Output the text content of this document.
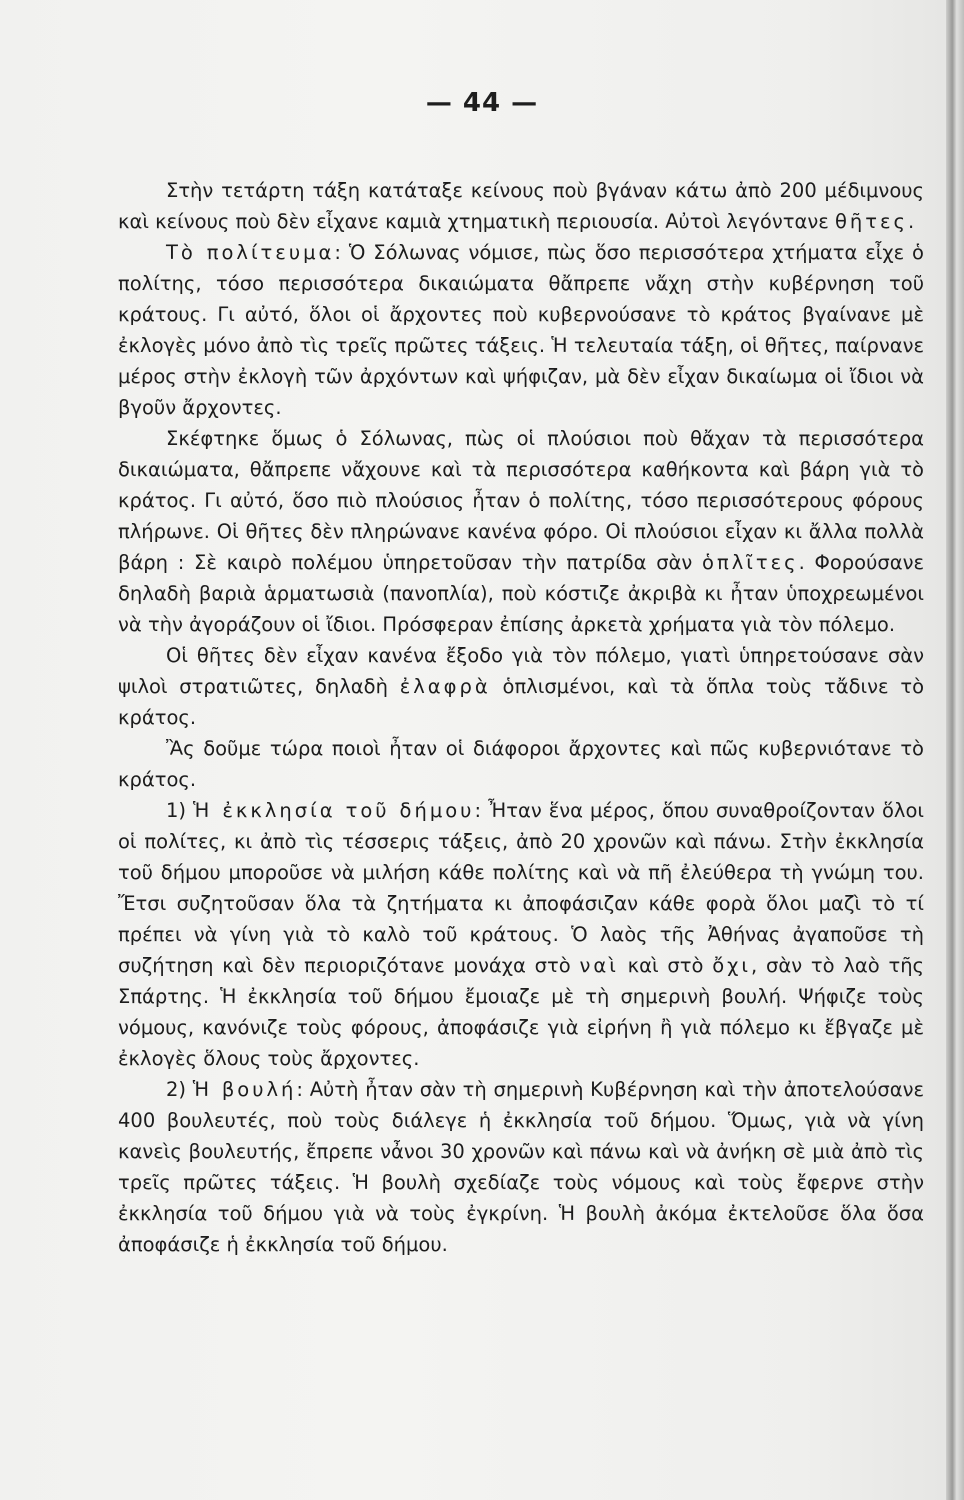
— 44 —

Στὴν τετάρτη τάξη κατάταξε κείνους ποὺ βγάναν κάτω ἀπὸ 200 μέδιμνους καὶ κείνους ποὺ δὲν εἶχανε καμιὰ χτηματικὴ περιουσία. Αὐτοὶ λεγόντανε θῆτες.

Τὸ πολίτευμα: Ὁ Σόλωνας νόμισε, πὼς ὅσο περισσότερα χτήματα εἶχε ὁ πολίτης, τόσο περισσότερα δικαιώματα θἄπρεπε νἄχη στὴν κυβέρνηση τοῦ κράτους. Γι αὐτό, ὅλοι οἱ ἄρχοντες ποὺ κυβερνούσανε τὸ κράτος βγαίνανε μὲ ἐκλογὲς μόνο ἀπὸ τὶς τρεῖς πρῶτες τάξεις. Ἡ τελευταία τάξη, οἱ θῆτες, παίρνανε μέρος στὴν ἐκλογὴ τῶν ἀρχόντων καὶ ψήφιζαν, μὰ δὲν εἶχαν δικαίωμα οἱ ἴδιοι νὰ βγοῦν ἄρχοντες.

Σκέφτηκε ὅμως ὁ Σόλωνας, πὼς οἱ πλούσιοι ποὺ θἄχαν τὰ περισσότερα δικαιώματα, θἄπρεπε νἄχουνε καὶ τὰ περισσότερα καθήκοντα καὶ βάρη γιὰ τὸ κράτος. Γι αὐτό, ὅσο πιὸ πλούσιος ἦταν ὁ πολίτης, τόσο περισσότερους φόρους πλήρωνε. Οἱ θῆτες δὲν πληρώνανε κανένα φόρο. Οἱ πλούσιοι εἶχαν κι ἄλλα πολλὰ βάρη : Σὲ καιρὸ πολέμου ὑπηρετοῦσαν τὴν πατρίδα σὰν ὁπλῖτες. Φορούσανε δηλαδὴ βαριὰ ἁρματωσιὰ (πανοπλία), ποὺ κόστιζε ἀκριβὰ κι ἦταν ὑποχρεωμένοι νὰ τὴν ἀγοράζουν οἱ ἴδιοι. Πρόσφεραν ἐπίσης ἀρκετὰ χρήματα γιὰ τὸν πόλεμο.

Οἱ θῆτες δὲν εἶχαν κανένα ἔξοδο γιὰ τὸν πόλεμο, γιατὶ ὑπηρετούσανε σὰν ψιλοὶ στρατιῶτες, δηλαδὴ ἐλαφρὰ ὁπλισμένοι, καὶ τὰ ὅπλα τοὺς τἄδινε τὸ κράτος.

Ἂς δοῦμε τώρα ποιοὶ ἦταν οἱ διάφοροι ἄρχοντες καὶ πῶς κυβερνιότανε τὸ κράτος.

1) Ἡ ἐκκλησία τοῦ δήμου: Ἦταν ἕνα μέρος, ὅπου συναθροίζονταν ὅλοι οἱ πολίτες, κι ἀπὸ τὶς τέσσερις τάξεις, ἀπὸ 20 χρονῶν καὶ πάνω. Στὴν ἐκκλησία τοῦ δήμου μποροῦσε νὰ μιλήση κάθε πολίτης καὶ νὰ πῆ ἐλεύθερα τὴ γνώμη του. Ἔτσι συζητοῦσαν ὅλα τὰ ζητήματα κι ἀποφάσιζαν κάθε φορὰ ὅλοι μαζὶ τὸ τί πρέπει νὰ γίνη γιὰ τὸ καλὸ τοῦ κράτους. Ὁ λαὸς τῆς Ἀθήνας ἀγαποῦσε τὴ συζήτηση καὶ δὲν περιοριζότανε μονάχα στὸ ναὶ καὶ στὸ ὄχι, σὰν τὸ λαὸ τῆς Σπάρτης. Ἡ ἐκκλησία τοῦ δήμου ἔμοιαζε μὲ τὴ σημερινὴ βουλή. Ψήφιζε τοὺς νόμους, κανόνιζε τοὺς φόρους, ἀποφάσιζε γιὰ εἰρήνη ἢ γιὰ πόλεμο κι ἔβγαζε μὲ ἐκλογὲς ὅλους τοὺς ἄρχοντες.

2) Ἡ βουλή: Αὐτὴ ἦταν σὰν τὴ σημερινὴ Κυβέρνηση καὶ τὴν ἀποτελούσανε 400 βουλευτές, ποὺ τοὺς διάλεγε ἡ ἐκκλησία τοῦ δήμου. Ὅμως, γιὰ νὰ γίνη κανεὶς βουλευτής, ἔπρεπε νἆνοι 30 χρονῶν καὶ πάνω καὶ νὰ ἀνήκη σὲ μιὰ ἀπὸ τὶς τρεῖς πρῶτες τάξεις. Ἡ βουλὴ σχεδίαζε τοὺς νόμους καὶ τοὺς ἔφερνε στὴν ἐκκλησία τοῦ δήμου γιὰ νὰ τοὺς ἐγκρίνη. Ἡ βουλὴ ἀκόμα ἐκτελοῦσε ὅλα ὅσα ἀποφάσιζε ἡ ἐκκλησία τοῦ δήμου.
